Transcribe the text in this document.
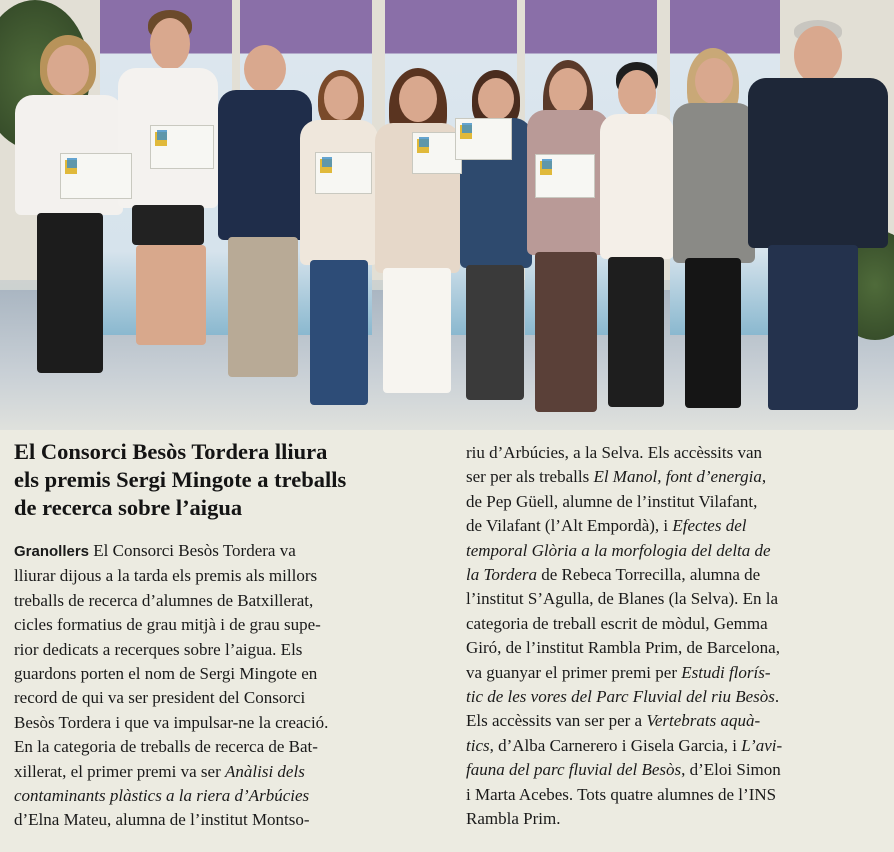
El Consorci Besòs Tordera lliura
els premis Sergi Mingote a treballs
de recerca sobre l’aigua
Granollers El Consorci Besòs Tordera va
lliurar dijous a la tarda els premis als millors
treballs de recerca d’alumnes de Batxillerat,
cicles formatius de grau mitjà i de grau supe-
rior dedicats a recerques sobre l’aigua. Els
guardons porten el nom de Sergi Mingote en
record de qui va ser president del Consorci
Besòs Tordera i que va impulsar-ne la creació.
En la categoria de treballs de recerca de Bat-
xillerat, el primer premi va ser Anàlisi dels
contaminants plàstics a la riera d’Arbúcies
d’Elna Mateu, alumna de l’institut Montso-
riu d’Arbúcies, a la Selva. Els accèssits van
ser per als treballs El Manol, font d’energia,
de Pep Güell, alumne de l’institut Vilafant,
de Vilafant (l’Alt Empordà), i Efectes del
temporal Glòria a la morfologia del delta de
la Tordera de Rebeca Torrecilla, alumna de
l’institut S’Agulla, de Blanes (la Selva). En la
categoria de treball escrit de mòdul, Gemma
Giró, de l’institut Rambla Prim, de Barcelona,
va guanyar el primer premi per Estudi florís-
tic de les vores del Parc Fluvial del riu Besòs.
Els accèssits van ser per a Vertebrats aquà-
tics, d’Alba Carnerero i Gisela Garcia, i L’avi-
fauna del parc fluvial del Besòs, d’Eloi Simon
i Marta Acebes. Tots quatre alumnes de l’INS
Rambla Prim.
